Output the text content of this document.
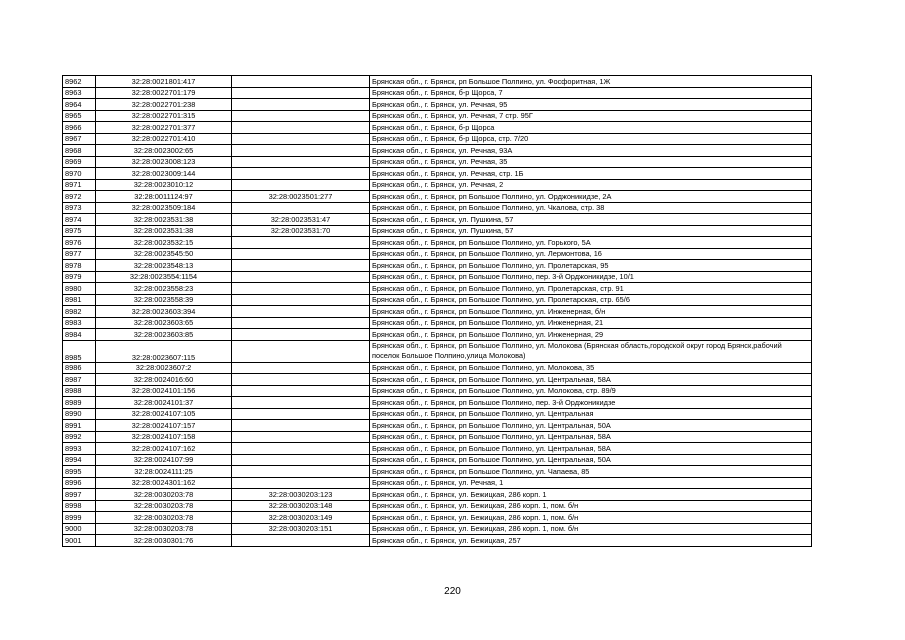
8962	32:28:0021801:417		Брянская обл., г. Брянск, рп Большое Полпино, ул. Фосфоритная, 1Ж
8963	32:28:0022701:179		Брянская обл., г. Брянск, б-р Щорса, 7
8964	32:28:0022701:238		Брянская обл., г. Брянск, ул. Речная, 95
8965	32:28:0022701:315		Брянская обл., г. Брянск, ул. Речная, 7 стр. 95Г
8966	32:28:0022701:377		Брянская обл., г. Брянск, б-р Щорса
8967	32:28:0022701:410		Брянская обл., г. Брянск, б-р Щорса, стр. 7/20
8968	32:28:0023002:65		Брянская обл., г. Брянск, ул. Речная, 93А
8969	32:28:0023008:123		Брянская обл., г. Брянск, ул. Речная, 35
8970	32:28:0023009:144		Брянская обл., г. Брянск, ул. Речная, стр. 1Б
8971	32:28:0023010:12		Брянская обл., г. Брянск, ул. Речная, 2
8972	32:28:0011124:97	32:28:0023501:277	Брянская обл., г. Брянск, рп Большое Полпино, ул. Орджоникидзе, 2А
8973	32:28:0023509:184		Брянская обл., г. Брянск, рп Большое Полпино, ул. Чкалова, стр. 38
8974	32:28:0023531:38	32:28:0023531:47	Брянская обл., г. Брянск, ул. Пушкина, 57
8975	32:28:0023531:38	32:28:0023531:70	Брянская обл., г. Брянск, ул. Пушкина, 57
8976	32:28:0023532:15		Брянская обл., г. Брянск, рп Большое Полпино, ул. Горького, 5А
8977	32:28:0023545:50		Брянская обл., г. Брянск, рп Большое Полпино, ул. Лермонтова, 16
8978	32:28:0023548:13		Брянская обл., г. Брянск, рп Большое Полпино, ул. Пролетарская, 95
8979	32:28:0023554:1154		Брянская обл., г. Брянск, рп Большое Полпино, пер. 3-й Орджоникидзе, 10/1
8980	32:28:0023558:23		Брянская обл., г. Брянск, рп Большое Полпино, ул. Пролетарская, стр. 91
8981	32:28:0023558:39		Брянская обл., г. Брянск, рп Большое Полпино, ул. Пролетарская, стр. 65/6
8982	32:28:0023603:394		Брянская обл., г. Брянск, рп Большое Полпино, ул. Инженерная, б/н
8983	32:28:0023603:65		Брянская обл., г. Брянск, рп Большое Полпино, ул. Инженерная, 21
8984	32:28:0023603:85		Брянская обл., г. Брянск, рп Большое Полпино, ул. Инженерная, 29
8985	32:28:0023607:115		Брянская обл., г. Брянск, рп Большое Полпино, ул. Молокова (Брянская область,городской округ город Брянск,рабочий поселок Большое Полпино,улица Молокова)
8986	32:28:0023607:2		Брянская обл., г. Брянск, рп Большое Полпино, ул. Молокова, 35
8987	32:28:0024016:60		Брянская обл., г. Брянск, рп Большое Полпино, ул. Центральная, 58А
8988	32:28:0024101:156		Брянская обл., г. Брянск, рп Большое Полпино, ул. Молокова, стр. 89/9
8989	32:28:0024101:37		Брянская обл., г. Брянск, рп Большое Полпино, пер. 3-й Орджоникидзе
8990	32:28:0024107:105		Брянская обл., г. Брянск, рп Большое Полпино, ул. Центральная
8991	32:28:0024107:157		Брянская обл., г. Брянск, рп Большое Полпино, ул. Центральная, 50А
8992	32:28:0024107:158		Брянская обл., г. Брянск, рп Большое Полпино, ул. Центральная, 58А
8993	32:28:0024107:162		Брянская обл., г. Брянск, рп Большое Полпино, ул. Центральная, 58А
8994	32:28:0024107:99		Брянская обл., г. Брянск, рп Большое Полпино, ул. Центральная, 50А
8995	32:28:0024111:25		Брянская обл., г. Брянск, рп Большое Полпино, ул. Чапаева, 85
8996	32:28:0024301:162		Брянская обл., г. Брянск, ул. Речная, 1
8997	32:28:0030203:78	32:28:0030203:123	Брянская обл., г. Брянск, ул. Бежицкая, 286 корп. 1
8998	32:28:0030203:78	32:28:0030203:148	Брянская обл., г. Брянск, ул. Бежицкая, 286 корп. 1, пом. б/н
8999	32:28:0030203:78	32:28:0030203:149	Брянская обл., г. Брянск, ул. Бежицкая, 286 корп. 1, пом. б/н
9000	32:28:0030203:78	32:28:0030203:151	Брянская обл., г. Брянск, ул. Бежицкая, 286 корп. 1, пом. б/н
9001	32:28:0030301:76		Брянская обл., г. Брянск, ул. Бежицкая, 257
220
